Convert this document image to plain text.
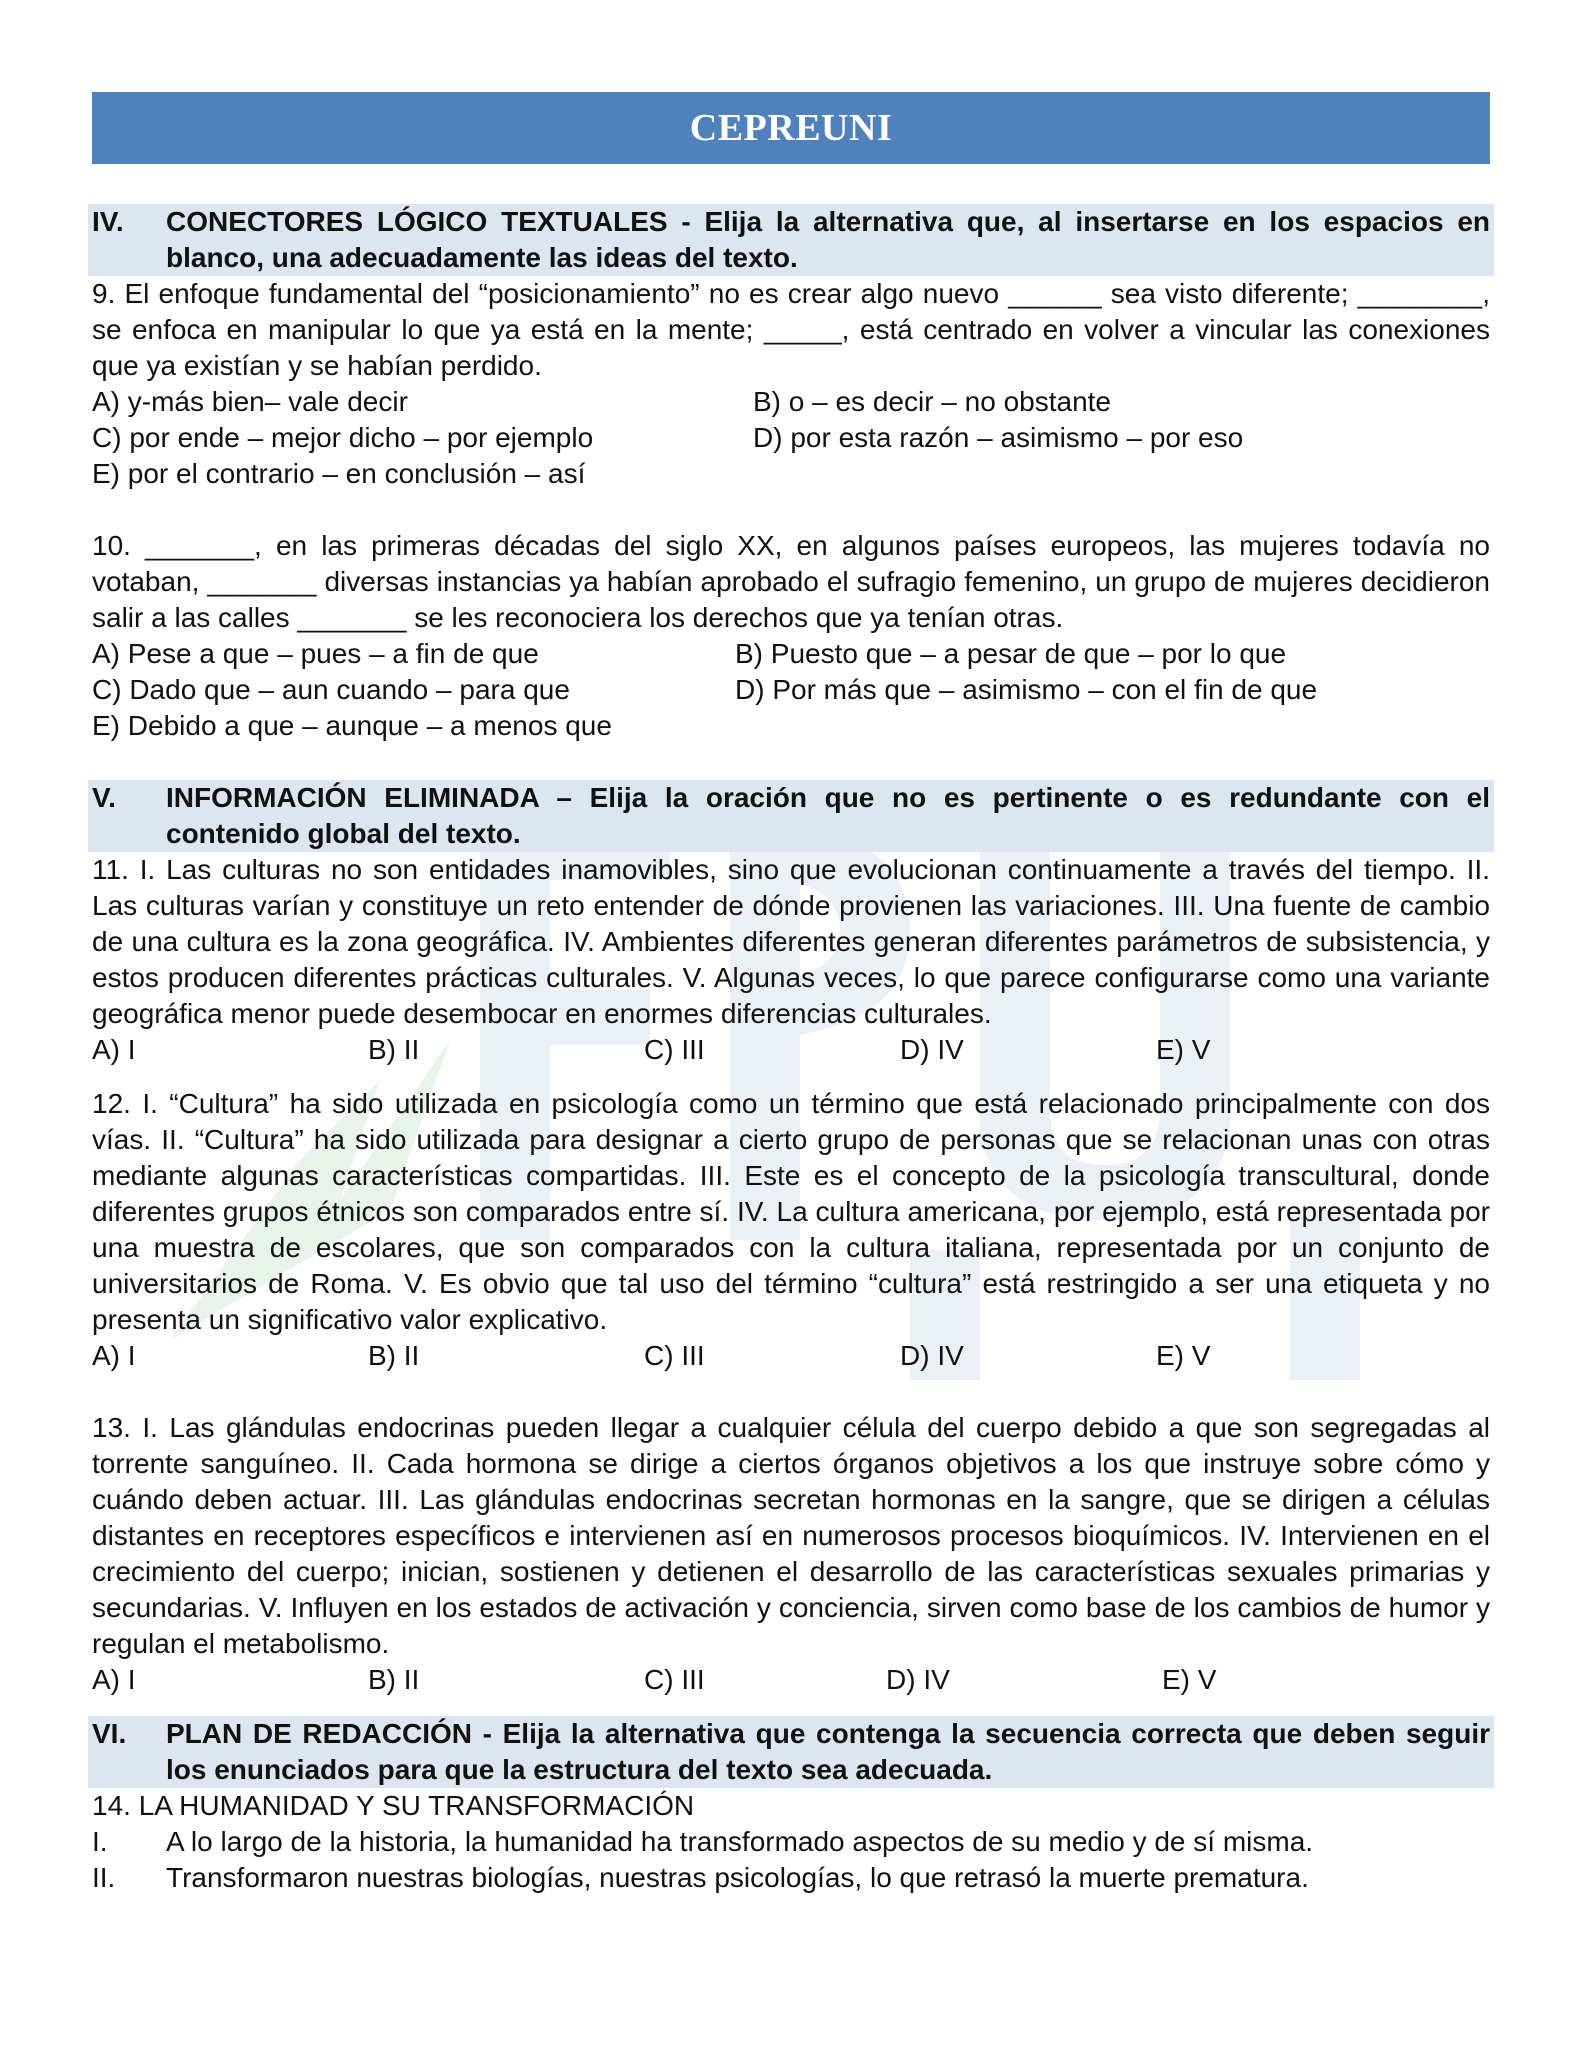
CEPREUNI
IV.	CONECTORES LÓGICO TEXTUALES - Elija la alternativa que, al insertarse en los espacios en blanco, una adecuadamente las ideas del texto.

9. El enfoque fundamental del “posicionamiento” no es crear algo nuevo ______ sea visto diferente; ________, se enfoca en manipular lo que ya está en la mente; _____, está centrado en volver a vincular las conexiones que ya existían y se habían perdido.

A) y-más bien– vale decir	B) o – es decir – no obstante
C) por ende – mejor dicho – por ejemplo	D) por esta razón – asimismo – por eso
E) por el contrario – en conclusión – así

10. _______, en las primeras décadas del siglo XX, en algunos países europeos, las mujeres todavía no votaban, _______ diversas instancias ya habían aprobado el sufragio femenino, un grupo de mujeres decidieron salir a las calles _______ se les reconociera los derechos que ya tenían otras.

A) Pese a que – pues – a fin de que	B) Puesto que – a pesar de que – por lo que
C) Dado que – aun cuando – para que	D) Por más que – asimismo – con el fin de que
E) Debido a que – aunque – a menos que
V.	INFORMACIÓN ELIMINADA – Elija la oración que no es pertinente o es redundante con el contenido global del texto.

11. I. Las culturas no son entidades inamovibles, sino que evolucionan continuamente a través del tiempo. II. Las culturas varían y constituye un reto entender de dónde provienen las variaciones. III. Una fuente de cambio de una cultura es la zona geográfica. IV. Ambientes diferentes generan diferentes parámetros de subsistencia, y estos producen diferentes prácticas culturales. V. Algunas veces, lo que parece configurarse como una variante geográfica menor puede desembocar en enormes diferencias culturales.

A) I	B) II	C) III	D) IV	E) V

12. I. “Cultura” ha sido utilizada en psicología como un término que está relacionado principalmente con dos vías. II. “Cultura” ha sido utilizada para designar a cierto grupo de personas que se relacionan unas con otras mediante algunas características compartidas. III. Este es el concepto de la psicología transcultural, donde diferentes grupos étnicos son comparados entre sí. IV. La cultura americana, por ejemplo, está representada por una muestra de escolares, que son comparados con la cultura italiana, representada por un conjunto de universitarios de Roma. V. Es obvio que tal uso del término “cultura” está restringido a ser una etiqueta y no presenta un significativo valor explicativo.

A) I	B) II	C) III	D) IV	E) V

13. I. Las glándulas endocrinas pueden llegar a cualquier célula del cuerpo debido a que son segregadas al torrente sanguíneo. II. Cada hormona se dirige a ciertos órganos objetivos a los que instruye sobre cómo y cuándo deben actuar. III. Las glándulas endocrinas secretan hormonas en la sangre, que se dirigen a células distantes en receptores específicos e intervienen así en numerosos procesos bioquímicos. IV. Intervienen en el crecimiento del cuerpo; inician, sostienen y detienen el desarrollo de las características sexuales primarias y secundarias. V. Influyen en los estados de activación y conciencia, sirven como base de los cambios de humor y regulan el metabolismo.

A) I	B) II	C) III	D) IV	E) V
VI.	PLAN DE REDACCIÓN - Elija la alternativa que contenga la secuencia correcta que deben seguir los enunciados para que la estructura del texto sea adecuada.

14. LA HUMANIDAD Y SU TRANSFORMACIÓN

I.	A lo largo de la historia, la humanidad ha transformado aspectos de su medio y de sí misma.
II.	Transformaron nuestras biologías, nuestras psicologías, lo que retrasó la muerte prematura.
